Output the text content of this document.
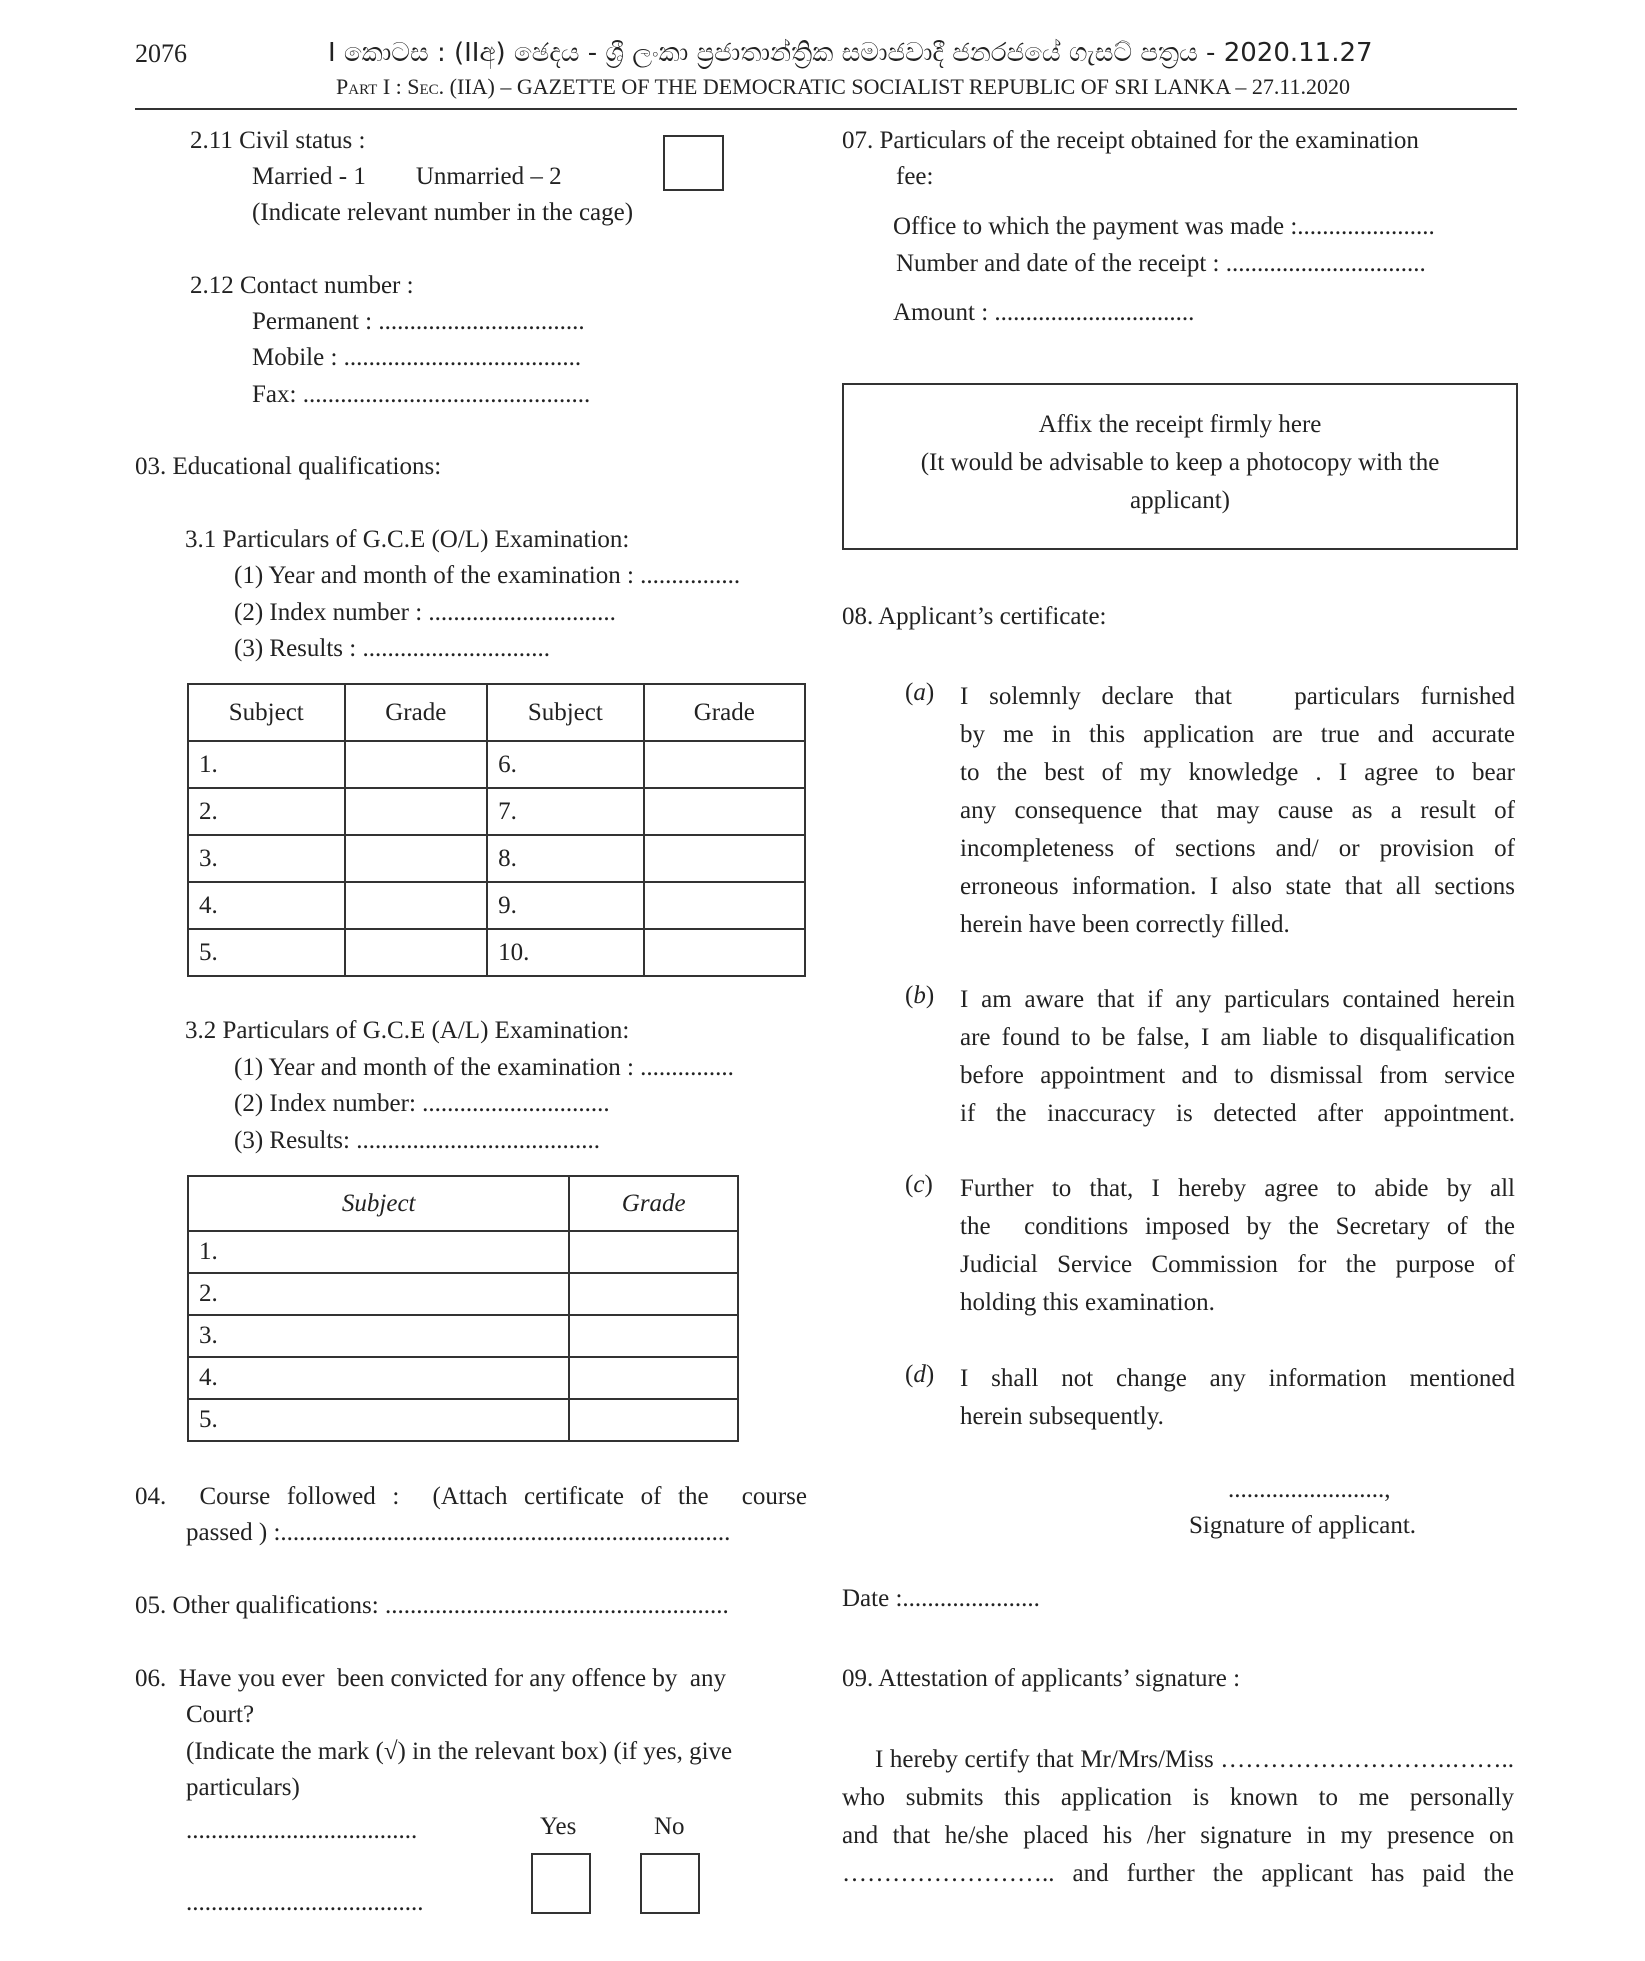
2076	I කොටස : (IIඅ) ඡෙදය - ශ්‍රී ලංකා ප්‍රජාතාන්ත්‍රික සමාජවාදී ජනරජයේ ගැසට් පත්‍රය - 2020.11.27
Part I : Sec. (IIA) – GAZETTE OF THE DEMOCRATIC SOCIALIST REPUBLIC OF SRI LANKA – 27.11.2020
2.11 Civil status :
Married - 1        Unmarried – 2
(Indicate relevant number in the cage)
2.12 Contact number :
Permanent : .................................
Mobile : ......................................
Fax: ..............................................
03. Educational qualifications:
3.1 Particulars of G.C.E (O/L) Examination:
(1) Year and month of the examination : ................
(2) Index number : ..............................
(3) Results : ..............................
Subject	Grade	Subject	Grade
1.		6.	
2.		7.	
3.		8.	
4.		9.	
5.		10.	
3.2 Particulars of G.C.E (A/L) Examination:
(1) Year and month of the examination : ...............
(2) Index number: ..............................
(3) Results: .......................................
Subject	Grade
1.	
2.	
3.	
4.	
5.	
04.  Course followed :  (Attach certificate of the  course
passed ) :........................................................................
05. Other qualifications: .......................................................
06.  Have you ever  been convicted for any offence by  any
Court?
(Indicate the mark (√) in the relevant box) (if yes, give
particulars)
.....................................
......................................
Yes	No
07. Particulars of the receipt obtained for the examination
fee:
Office to which the payment was made :......................
Number and date of the receipt : ................................
Amount : ................................
Affix the receipt firmly here
(It would be advisable to keep a photocopy with the
applicant)
08. Applicant’s certificate:
(a) I solemnly declare that   particulars furnished
by me in this application are true and accurate
to the best of my knowledge . I agree to bear
any consequence that may cause as a result of
incompleteness of sections and/ or provision of
erroneous information. I also state that all sections
herein have been correctly filled.
(b) I am aware that if any particulars contained herein
are found to be false, I am liable to disqualification
before appointment and to dismissal from service
if the inaccuracy is detected after appointment.
(c) Further to that, I hereby agree to abide by all
the  conditions imposed by the Secretary of the
Judicial Service Commission for the purpose of
holding this examination.
(d) I shall not change any information mentioned
herein subsequently.
.........................,
Signature of applicant.
Date :......................
09. Attestation of applicants’ signature :
I hereby certify that Mr/Mrs/Miss ……………………….……..
who submits this application is known to me personally
and that he/she placed his /her signature in my presence on
…………………….. and further the applicant has paid the
